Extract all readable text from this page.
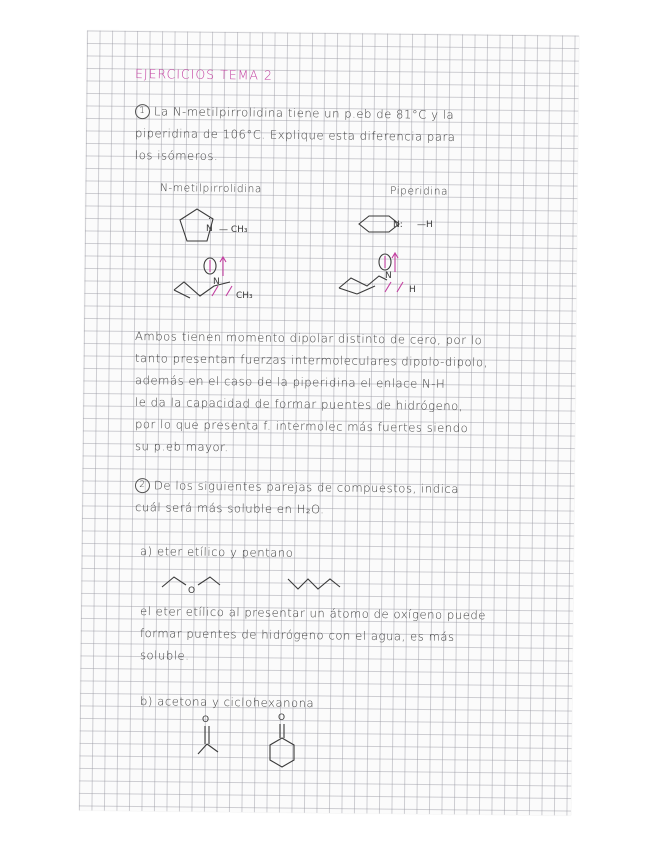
EJERCICIOS TEMA 2
1 La N-metilpirrolidina tiene un p.eb de 81°C y la
piperidina de 106°C. Explique esta diferencia para
los isómeros.
N-metilpirrolidina	Piperidina
N
..
— CH₃	N: —H
N
CH₃
N
H
Ambos tienen momento dipolar distinto de cero, por lo
tanto presentan fuerzas intermoleculares dipolo-dipolo,
además en el caso de la piperidina el enlace N-H
le da la capacidad de formar puentes de hidrógeno,
por lo que presenta f. intermolec más fuertes siendo
su p.eb mayor.
2 De los siguientes parejas de compuestos, indica
cuál será más soluble en H₂O.
a) eter etílico y pentano
O
el eter etílico al presentar un átomo de oxígeno puede
formar puentes de hidrógeno con el agua, es más
soluble.
b) acetona y ciclohexanona
O	O
